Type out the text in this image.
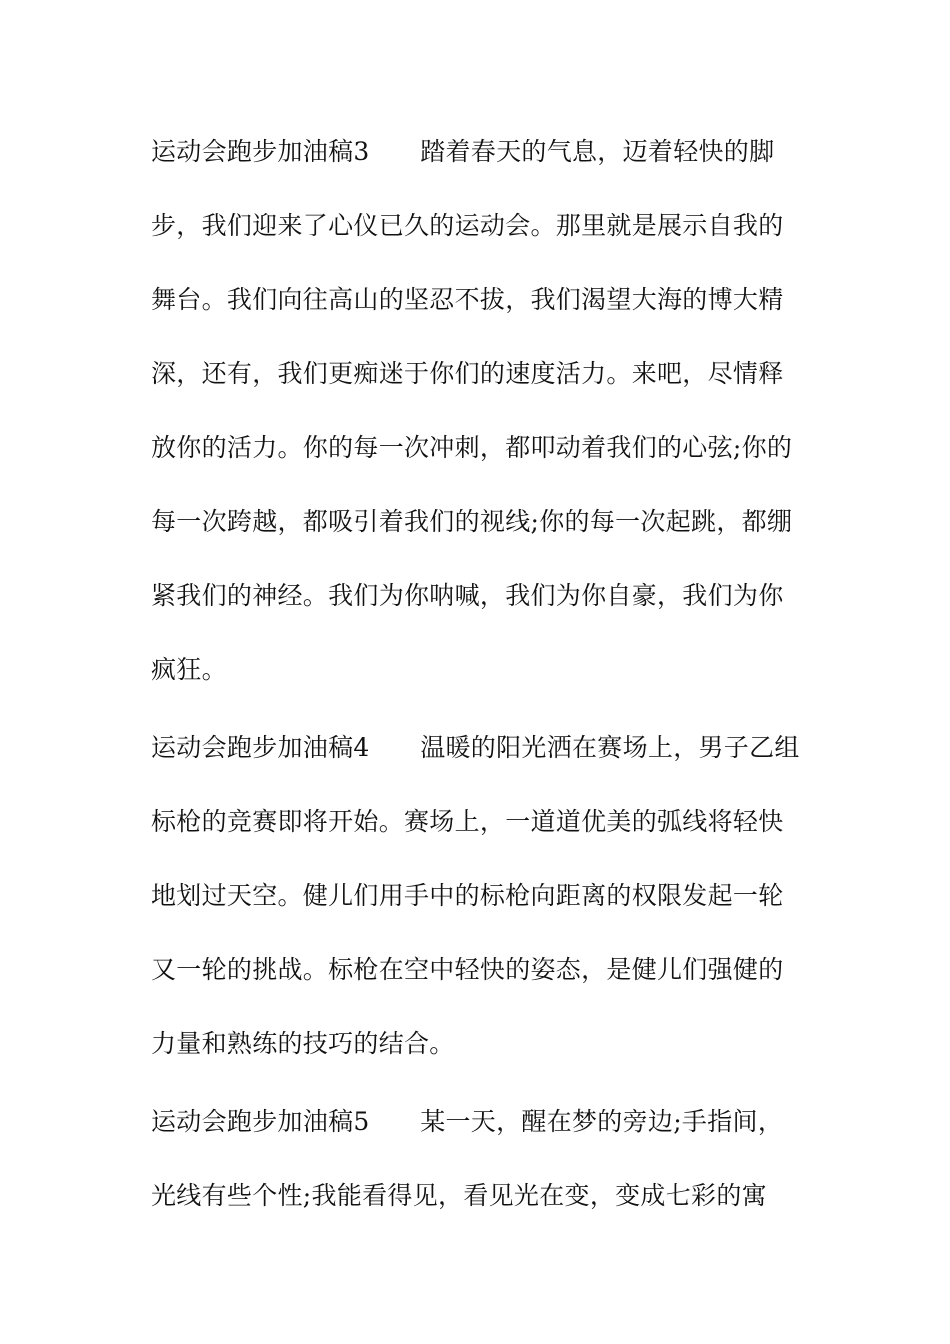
运动会跑步加油稿3　　踏着春天的气息，迈着轻快的脚
步，我们迎来了心仪已久的运动会。那里就是展示自我的
舞台。我们向往高山的坚忍不拔，我们渴望大海的博大精
深，还有，我们更痴迷于你们的速度活力。来吧，尽情释
放你的活力。你的每一次冲刺，都叩动着我们的心弦;你的
每一次跨越，都吸引着我们的视线;你的每一次起跳，都绷
紧我们的神经。我们为你呐喊，我们为你自豪，我们为你
疯狂。
运动会跑步加油稿4　　温暖的阳光洒在赛场上，男子乙组
标枪的竞赛即将开始。赛场上，一道道优美的弧线将轻快
地划过天空。健儿们用手中的标枪向距离的权限发起一轮
又一轮的挑战。标枪在空中轻快的姿态，是健儿们强健的
力量和熟练的技巧的结合。
运动会跑步加油稿5　　某一天，醒在梦的旁边;手指间，
光线有些个性;我能看得见，看见光在变，变成七彩的寓
